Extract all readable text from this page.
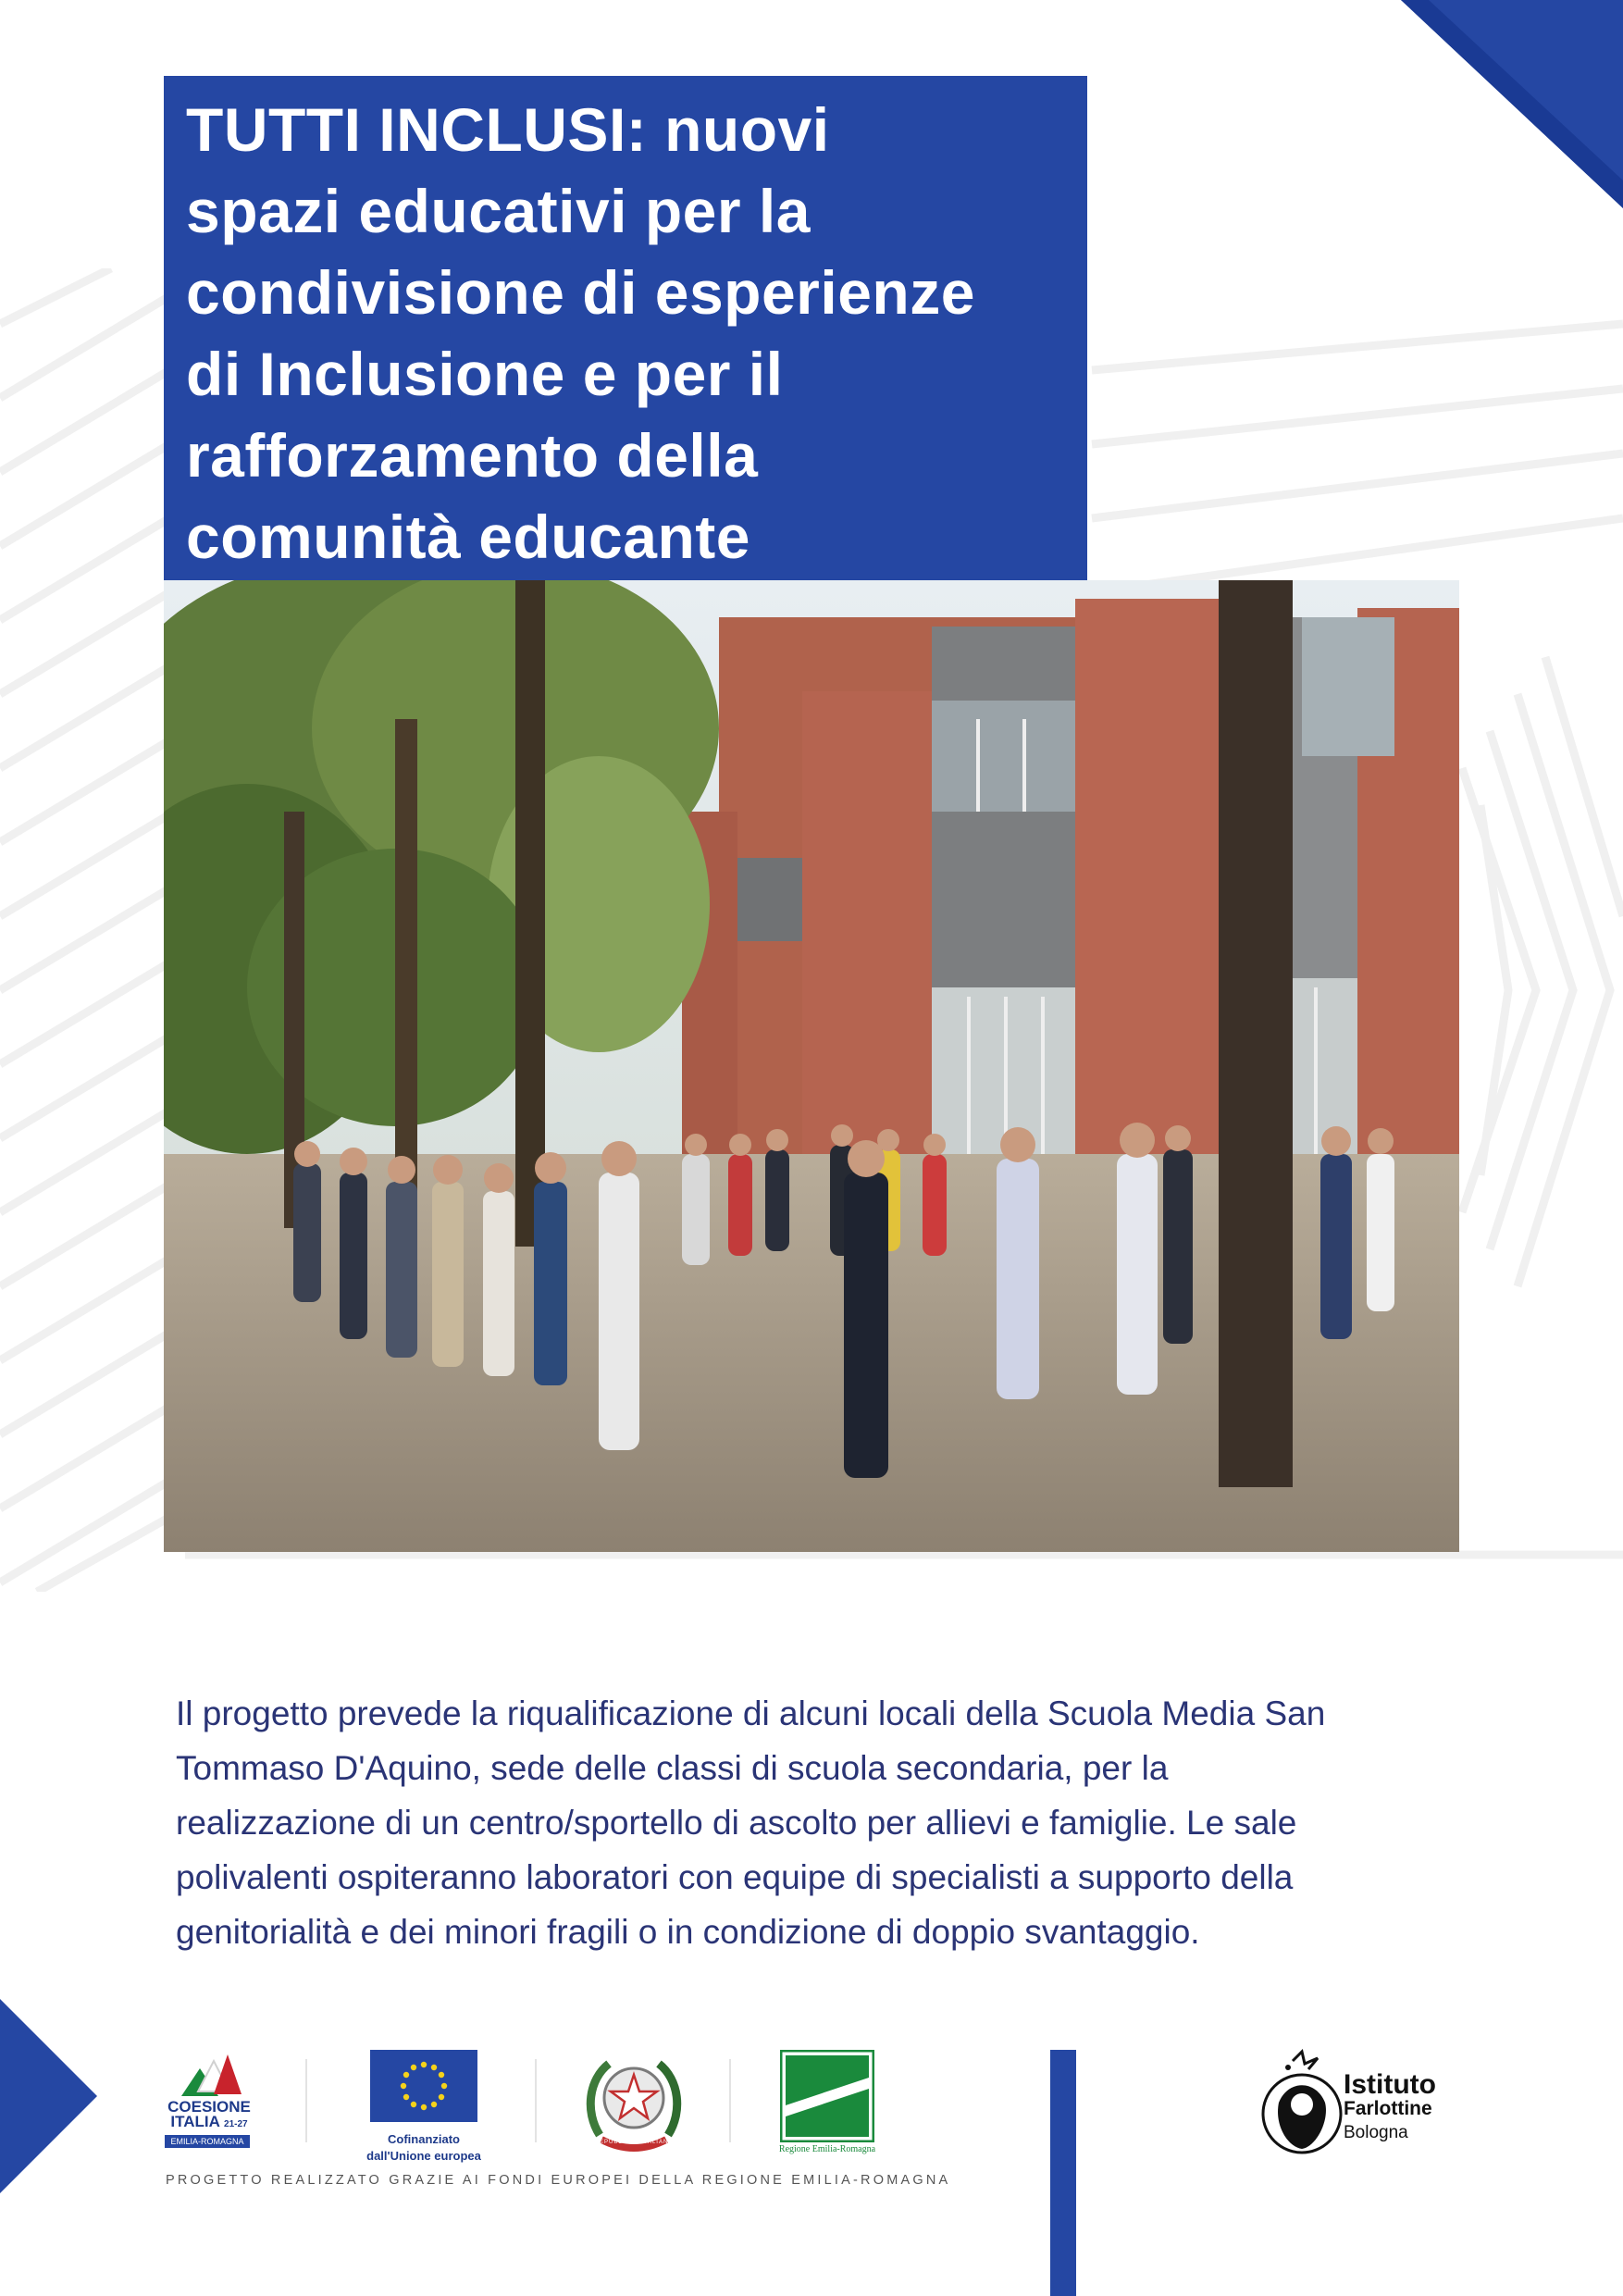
TUTTI INCLUSI: nuovi
spazi educativi per la
condivisione di esperienze
di Inclusione e per il
rafforzamento della
comunità educante
Il progetto prevede la riqualificazione di alcuni locali della Scuola Media San
Tommaso D'Aquino, sede delle classi di scuola secondaria, per la
realizzazione di un centro/sportello di ascolto per allievi e famiglie. Le sale
polivalenti ospiteranno laboratori con equipe di specialisti a supporto della
genitorialità e dei minori fragili o in condizione di doppio svantaggio.
COESIONE
ITALIA 21-27
EMILIA-ROMAGNA	Cofinanziato
dall'Unione europea
REPUBBLICA ITALIANA
Regione Emilia-Romagna
Istituto
Farlottine
Bologna
PROGETTO REALIZZATO GRAZIE AI FONDI EUROPEI DELLA REGIONE EMILIA-ROMAGNA
